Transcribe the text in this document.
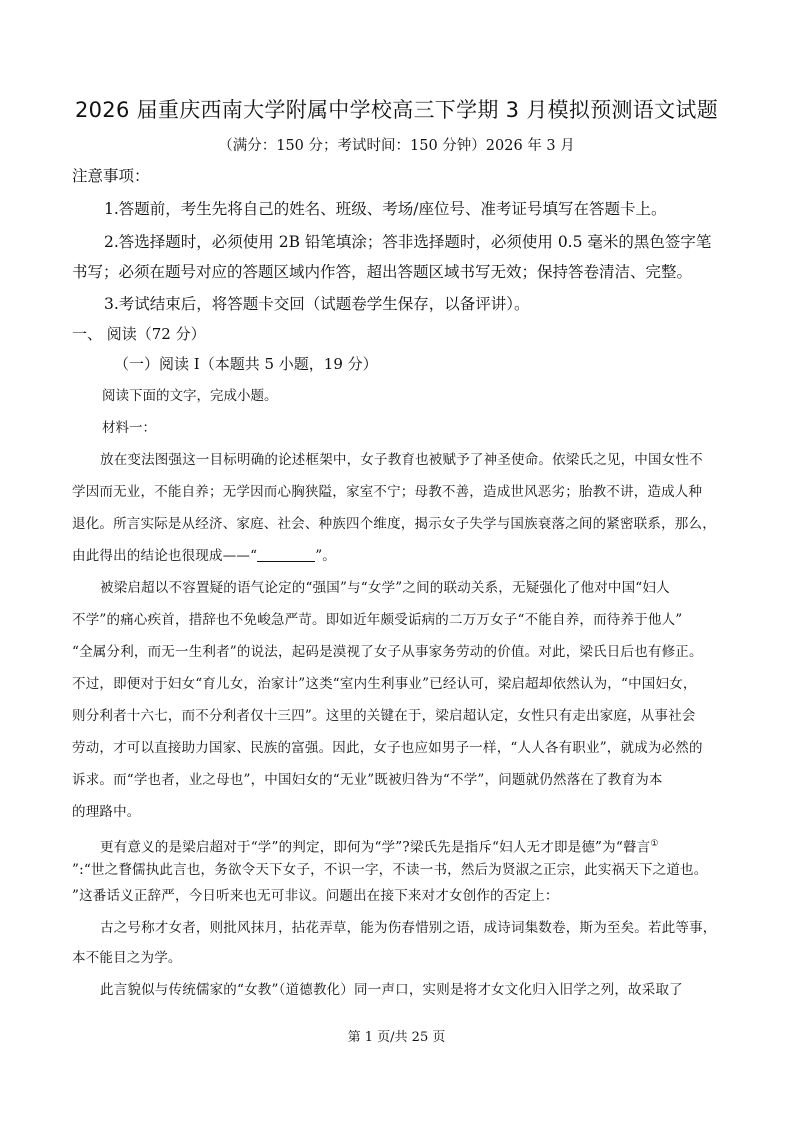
2026 届重庆西南大学附属中学校高三下学期 3 月模拟预测语文试题
（满分：150 分；考试时间：150 分钟）2026 年 3 月
注意事项：
1.答题前，考生先将自己的姓名、班级、考场/座位号、准考证号填写在答题卡上。
2.答选择题时，必须使用 2B 铅笔填涂；答非选择题时，必须使用 0.5 毫米的黑色签字笔
书写；必须在题号对应的答题区域内作答，超出答题区域书写无效；保持答卷清洁、完整。
3.考试结束后，将答题卡交回（试题卷学生保存，以备评讲）。
一、 阅读（72 分）
（一）阅读 I（本题共 5 小题，19 分）
阅读下面的文字，完成小题。
材料一：
放在变法图强这一目标明确的论述框架中，女子教育也被赋予了神圣使命。依梁氏之见，中国女性不
学因而无业，不能自养；无学因而心胸狭隘，家室不宁；母教不善，造成世风恶劣；胎教不讲，造成人种
退化。所言实际是从经济、家庭、社会、种族四个维度，揭示女子失学与国族衰落之间的紧密联系，那么，
由此得出的结论也很现成——“	”。
被梁启超以不容置疑的语气论定的“强国”与“女学”之间的联动关系，无疑强化了他对中国“妇人
不学”的痛心疾首，措辞也不免峻急严苛。即如近年颇受诟病的二万万女子“不能自养，而待养于他人”
“全属分利，而无一生利者”的说法，起码是漠视了女子从事家务劳动的价值。对此，梁氏日后也有修正。
不过，即便对于妇女“育儿女，治家计”这类“室内生利事业”已经认可，梁启超却依然认为，“中国妇女，
则分利者十六七，而不分利者仅十三四”。这里的关键在于，梁启超认定，女性只有走出家庭，从事社会
劳动，才可以直接助力国家、民族的富强。因此，女子也应如男子一样，“人人各有职业”，就成为必然的
诉求。而“学也者，业之母也”，中国妇女的“无业”既被归咎为“不学”，问题就仍然落在了教育为本
的理路中。
更有意义的是梁启超对于“学”的判定，即何为“学”?梁氏先是指斥“妇人无才即是德”为“瞽言①
”:“世之瞀儒执此言也，务欲令天下女子，不识一字，不读一书，然后为贤淑之正宗，此实祸天下之道也。
”这番话义正辞严，今日听来也无可非议。问题出在接下来对才女创作的否定上：
古之号称才女者，则批风抹月，拈花弄草，能为伤春惜别之语，成诗词集数卷，斯为至矣。若此等事，
本不能目之为学。
此言貌似与传统儒家的“女教”（道德教化）同一声口，实则是将才女文化归入旧学之列，故采取了
第 1 页/共 25 页
